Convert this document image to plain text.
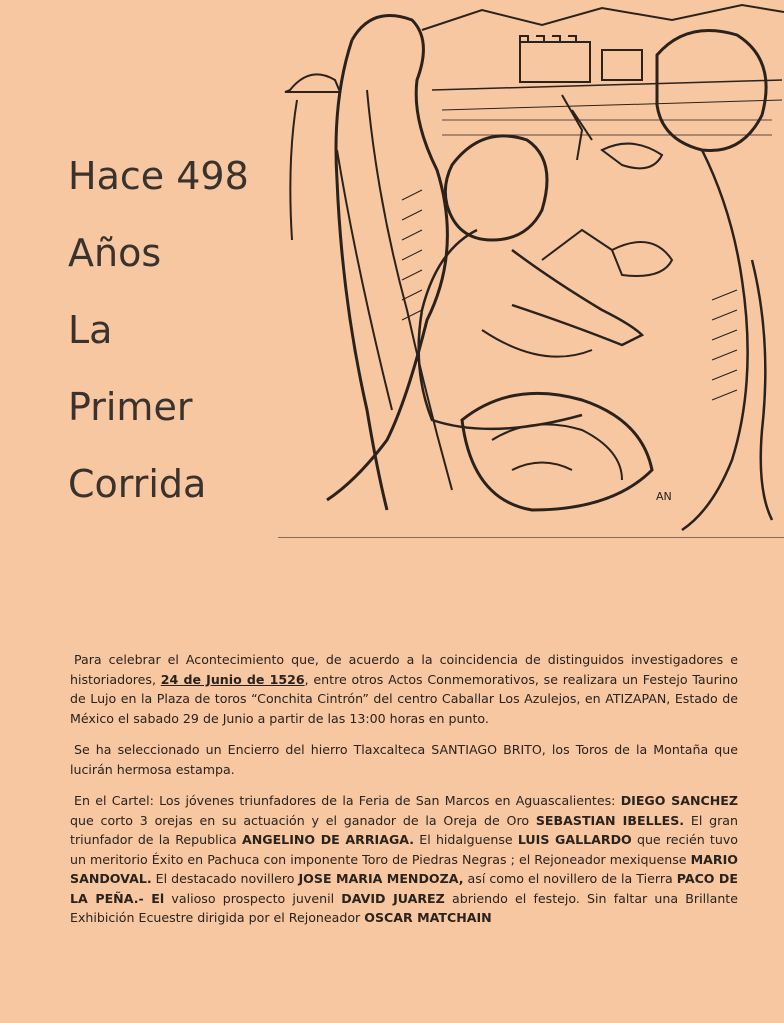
Hace 498
Años
La
Primer
Corrida	AN

Para celebrar el Acontecimiento que, de acuerdo a la coincidencia de distinguidos investigadores e historiadores, 24 de Junio de 1526, entre otros Actos Conmemorativos, se realizara un Festejo Taurino de Lujo en la Plaza de toros “Conchita Cintrón” del centro Caballar Los Azulejos, en ATIZAPAN, Estado de México el sabado 29 de Junio a partir de las 13:00 horas en punto.

Se ha seleccionado un Encierro del hierro Tlaxcalteca SANTIAGO BRITO, los Toros de la Montaña que lucirán hermosa estampa.

En el Cartel: Los jóvenes triunfadores de la Feria de San Marcos en Aguascalientes: DIEGO SANCHEZ que corto 3 orejas en su actuación y el ganador de la Oreja de Oro SEBASTIAN IBELLES. El gran triunfador de la Republica ANGELINO DE ARRIAGA. El hidalguense LUIS GALLARDO que recién tuvo un meritorio Éxito en Pachuca con imponente Toro de Piedras Negras ; el Rejoneador mexiquense MARIO SANDOVAL. El destacado novillero JOSE MARIA MENDOZA, así como el novillero de la Tierra PACO DE LA PEÑA.- El valioso prospecto juvenil DAVID JUAREZ abriendo el festejo. Sin faltar una Brillante Exhibición Ecuestre dirigida por el Rejoneador OSCAR MATCHAIN
